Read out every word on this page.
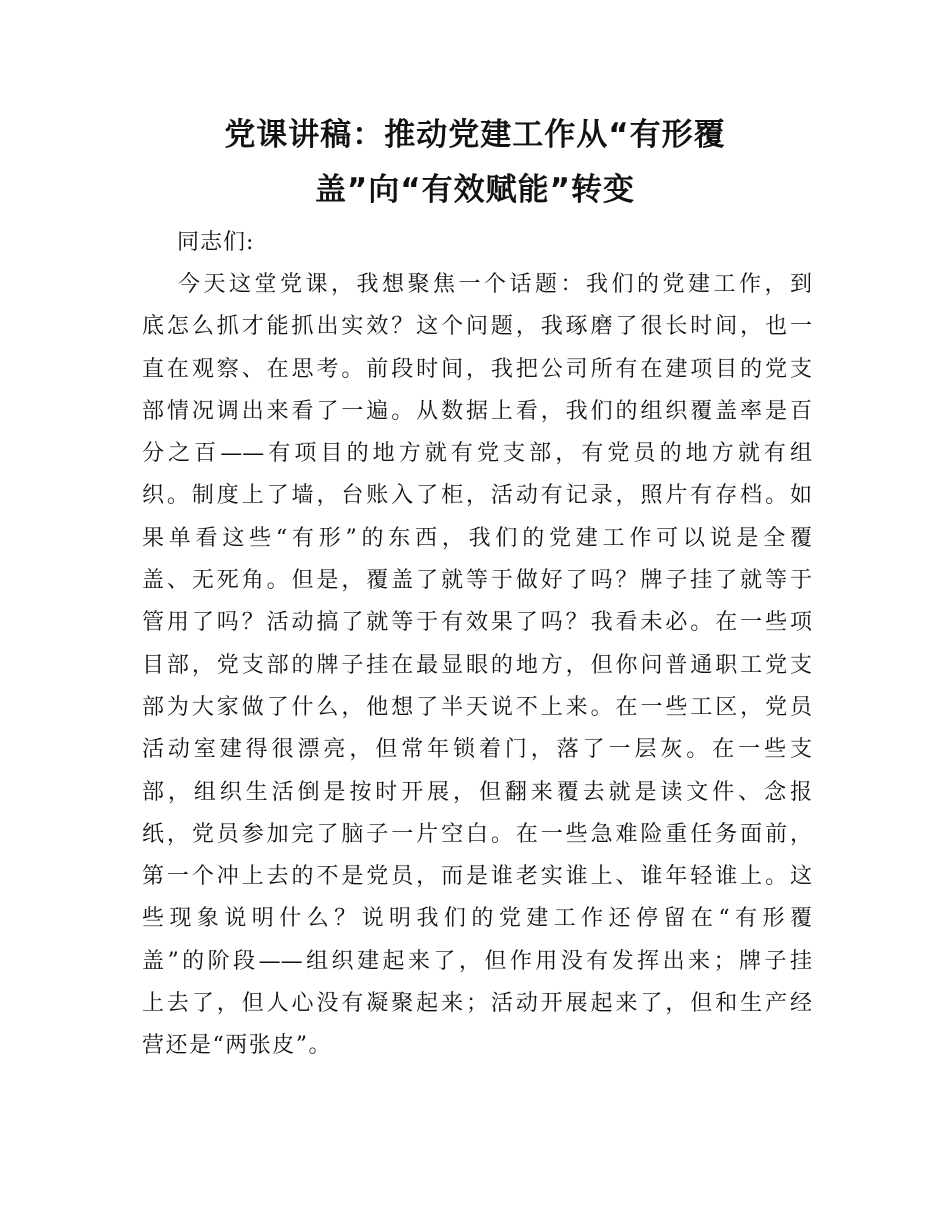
党课讲稿：推动党建工作从“有形覆
盖”向“有效赋能”转变

同志们:

今天这堂党课，我想聚焦一个话题：我们的党建工作，到
底怎么抓才能抓出实效？这个问题，我琢磨了很长时间，也一
直在观察、在思考。前段时间，我把公司所有在建项目的党支
部情况调出来看了一遍。从数据上看，我们的组织覆盖率是百
分之百——有项目的地方就有党支部，有党员的地方就有组
织。制度上了墙，台账入了柜，活动有记录，照片有存档。如
果单看这些“有形”的东西，我们的党建工作可以说是全覆
盖、无死角。但是，覆盖了就等于做好了吗？牌子挂了就等于
管用了吗？活动搞了就等于有效果了吗？我看未必。在一些项
目部，党支部的牌子挂在最显眼的地方，但你问普通职工党支
部为大家做了什么，他想了半天说不上来。在一些工区，党员
活动室建得很漂亮，但常年锁着门，落了一层灰。在一些支
部，组织生活倒是按时开展，但翻来覆去就是读文件、念报
纸，党员参加完了脑子一片空白。在一些急难险重任务面前，
第一个冲上去的不是党员，而是谁老实谁上、谁年轻谁上。这
些现象说明什么？说明我们的党建工作还停留在“有形覆
盖”的阶段——组织建起来了，但作用没有发挥出来；牌子挂
上去了，但人心没有凝聚起来；活动开展起来了，但和生产经
营还是“两张皮”。
